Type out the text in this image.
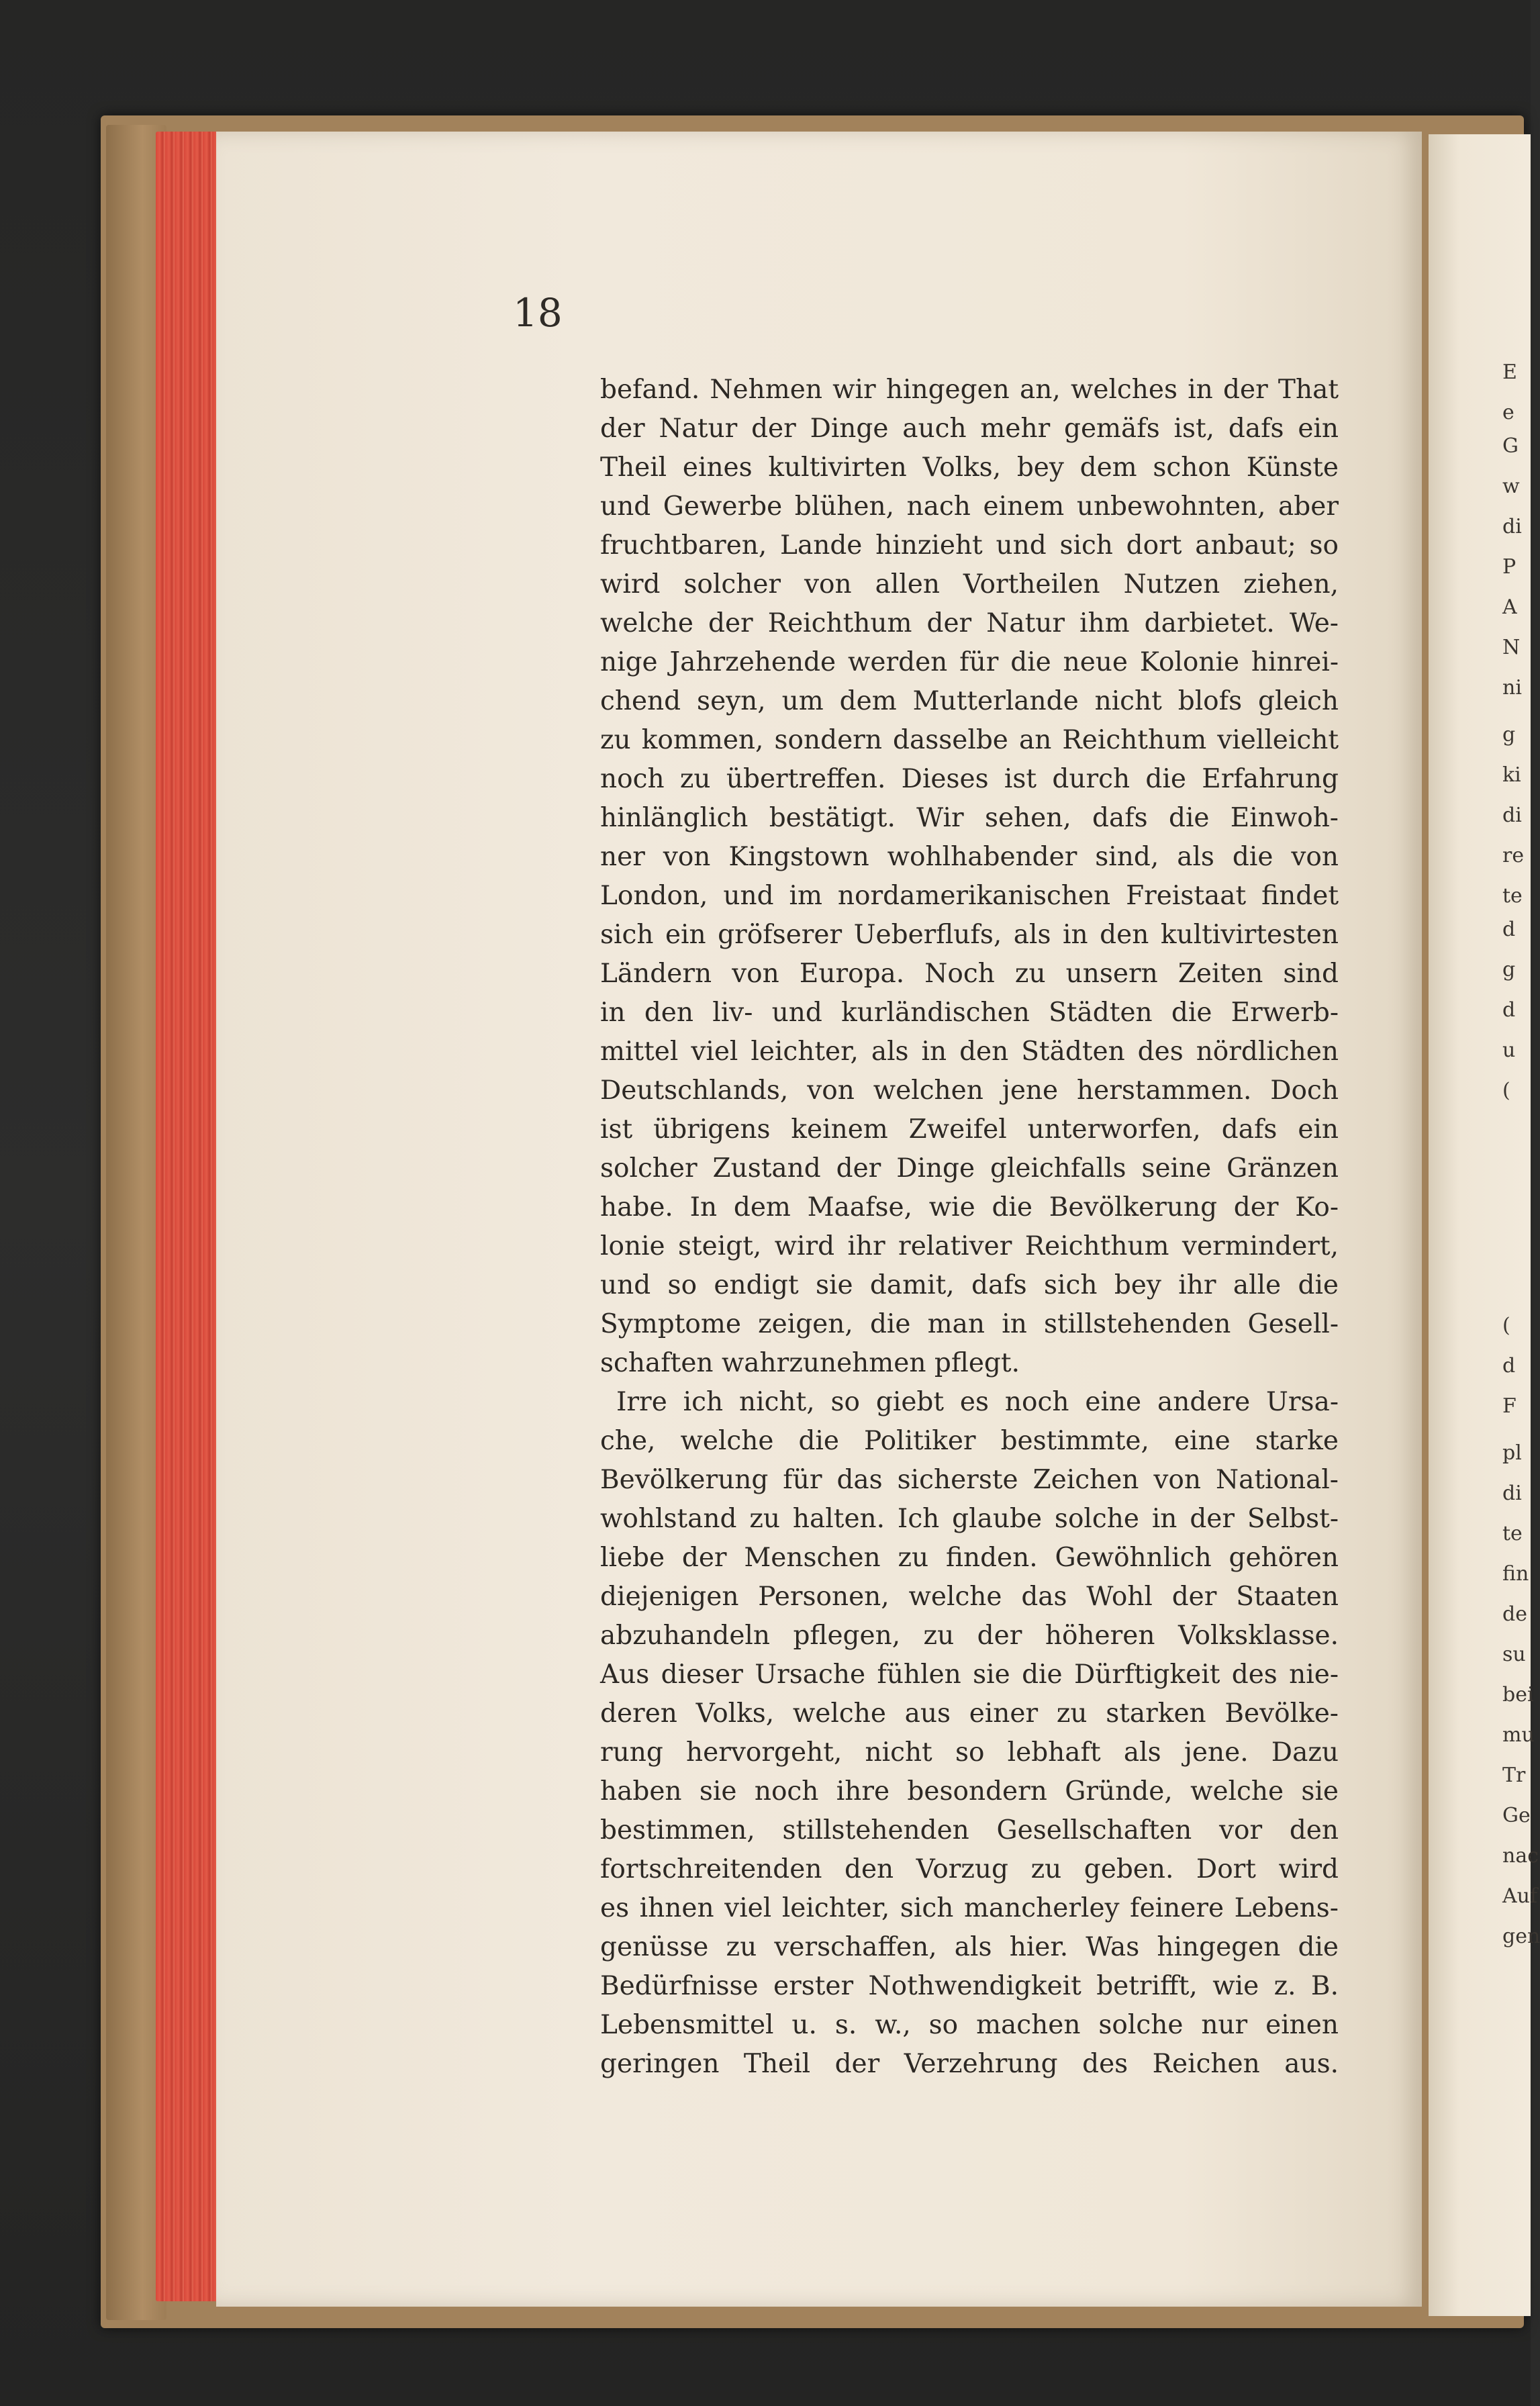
18
befand. Nehmen wir hingegen an, welches in der That
der Natur der Dinge auch mehr gemäfs ist, dafs ein
Theil eines kultivirten Volks, bey dem schon Künste
und Gewerbe blühen, nach einem unbewohnten, aber
fruchtbaren, Lande hinzieht und sich dort anbaut; so
wird solcher von allen Vortheilen Nutzen ziehen,
welche der Reichthum der Natur ihm darbietet. We-
nige Jahrzehende werden für die neue Kolonie hinrei-
chend seyn, um dem Mutterlande nicht blofs gleich
zu kommen, sondern dasselbe an Reichthum vielleicht
noch zu übertreffen. Dieses ist durch die Erfahrung
hinlänglich bestätigt. Wir sehen, dafs die Einwoh-
ner von Kingstown wohlhabender sind, als die von
London, und im nordamerikanischen Freistaat findet
sich ein gröfserer Ueberflufs, als in den kultivirtesten
Ländern von Europa. Noch zu unsern Zeiten sind
in den liv- und kurländischen Städten die Erwerb-
mittel viel leichter, als in den Städten des nördlichen
Deutschlands, von welchen jene herstammen. Doch
ist übrigens keinem Zweifel unterworfen, dafs ein
solcher Zustand der Dinge gleichfalls seine Gränzen
habe. In dem Maafse, wie die Bevölkerung der Ko-
lonie steigt, wird ihr relativer Reichthum vermindert,
und so endigt sie damit, dafs sich bey ihr alle die
Symptome zeigen, die man in stillstehenden Gesell-
schaften wahrzunehmen pflegt.
Irre ich nicht, so giebt es noch eine andere Ursa-
che, welche die Politiker bestimmte, eine starke
Bevölkerung für das sicherste Zeichen von National-
wohlstand zu halten. Ich glaube solche in der Selbst-
liebe der Menschen zu finden. Gewöhnlich gehören
diejenigen Personen, welche das Wohl der Staaten
abzuhandeln pflegen, zu der höheren Volksklasse.
Aus dieser Ursache fühlen sie die Dürftigkeit des nie-
deren Volks, welche aus einer zu starken Bevölke-
rung hervorgeht, nicht so lebhaft als jene. Dazu
haben sie noch ihre besondern Gründe, welche sie
bestimmen, stillstehenden Gesellschaften vor den
fortschreitenden den Vorzug zu geben. Dort wird
es ihnen viel leichter, sich mancherley feinere Lebens-
genüsse zu verschaffen, als hier. Was hingegen die
Bedürfnisse erster Nothwendigkeit betrifft, wie z. B.
Lebensmittel u. s. w., so machen solche nur einen
geringen Theil der Verzehrung des Reichen aus.
E
e
G
w
di
P
A
N
ni
g
ki
di
re
te
d
g
d
u
(
(
d
F
pl
di
te
fin
de
su
bei
mu
Tr
Ge
nac
Auf
gen
